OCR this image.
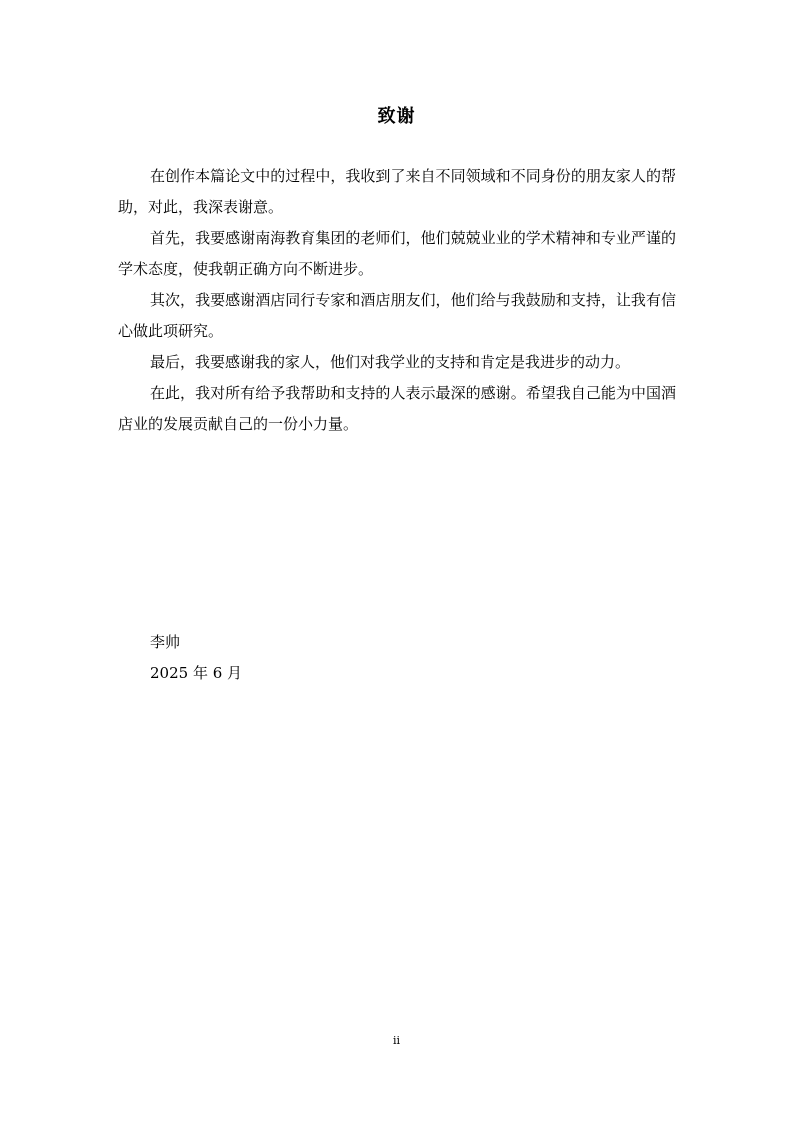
致谢

在创作本篇论文中的过程中，我收到了来自不同领域和不同身份的朋友家人的帮助，对此，我深表谢意。

首先，我要感谢南海教育集团的老师们，他们兢兢业业的学术精神和专业严谨的学术态度，使我朝正确方向不断进步。

其次，我要感谢酒店同行专家和酒店朋友们，他们给与我鼓励和支持，让我有信心做此项研究。

最后，我要感谢我的家人，他们对我学业的支持和肯定是我进步的动力。

在此，我对所有给予我帮助和支持的人表示最深的感谢。希望我自己能为中国酒店业的发展贡献自己的一份小力量。

李帅
2025 年 6 月
ii
